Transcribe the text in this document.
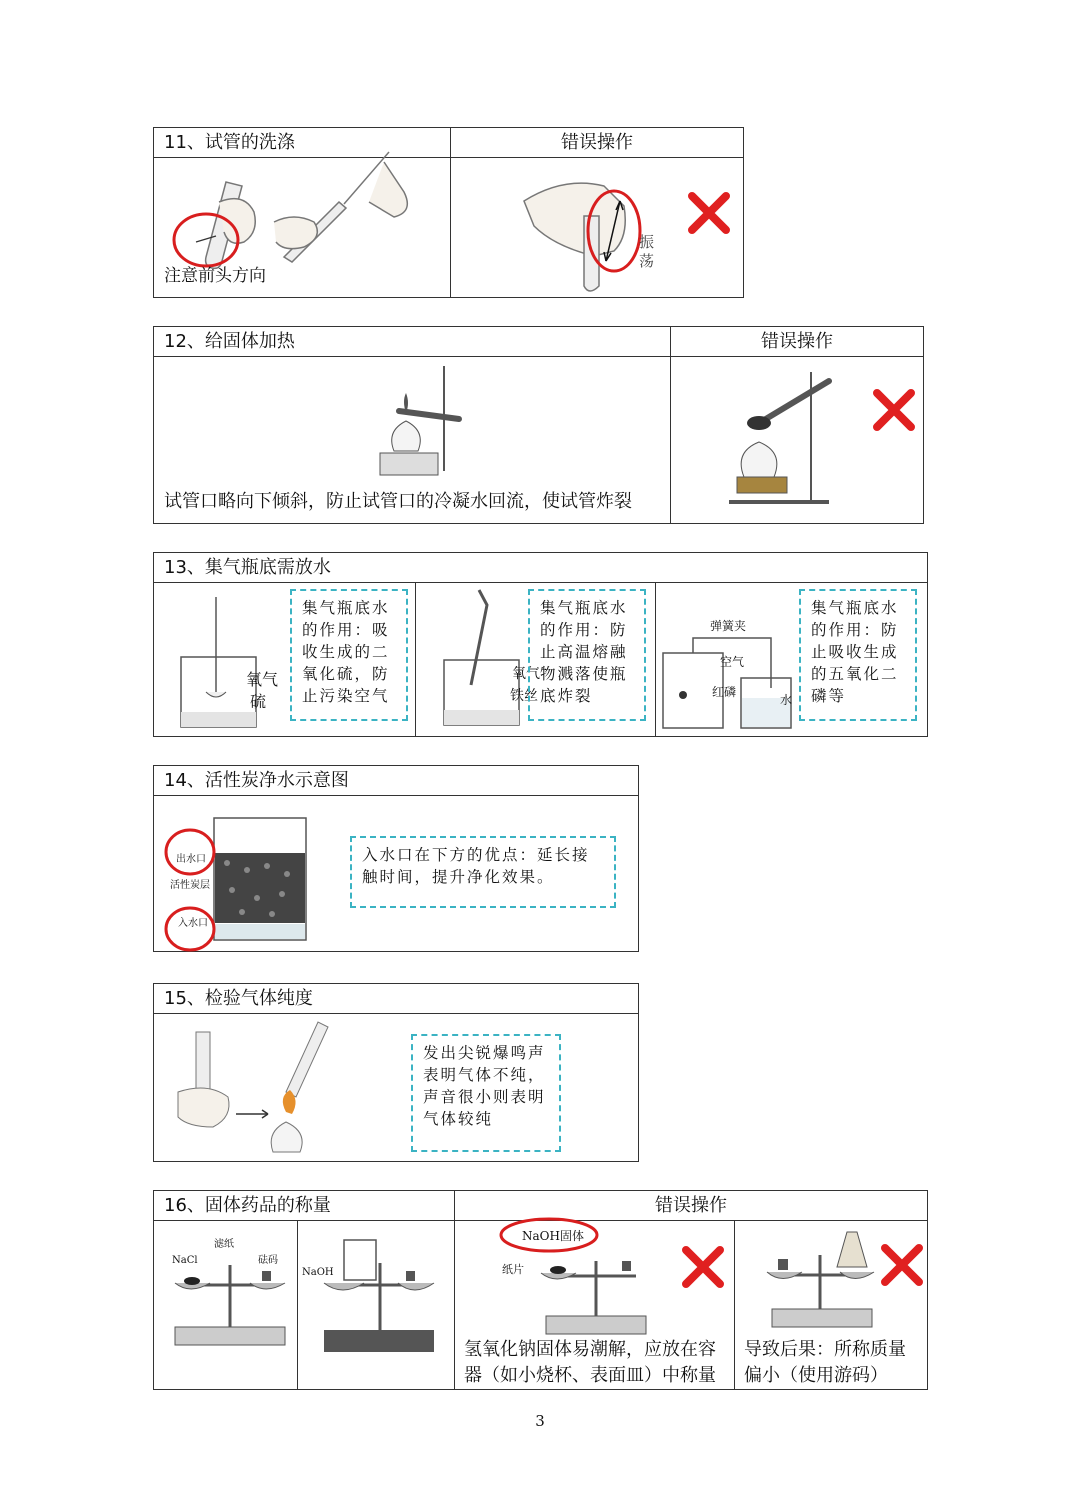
11、试管的洗涤	错误操作
注意前头方向
振
荡
12、给固体加热	错误操作
试管口略向下倾斜，防止试管口的冷凝水回流，使试管炸裂
13、集气瓶底需放水
氧气
硫
集气瓶底水的作用：吸收生成的二氧化硫，防止污染空气
氧气
铁丝
集气瓶底水的作用：防止高温熔融物溅落使瓶底炸裂
弹簧夹
空气
红磷
水
集气瓶底水的作用：防止吸收生成的五氧化二磷等
14、活性炭净水示意图
出水口
活性炭层
入水口
入水口在下方的优点：延长接触时间，提升净化效果。
15、检验气体纯度
发出尖锐爆鸣声表明气体不纯，声音很小则表明气体较纯
16、固体药品的称量	错误操作
NaCl
滤纸
砝码
NaOH
NaOH固体
纸片
氢氧化钠固体易潮解，应放在容
器（如小烧杯、表面皿）中称量
导致后果：所称质量
偏小（使用游码）
3
